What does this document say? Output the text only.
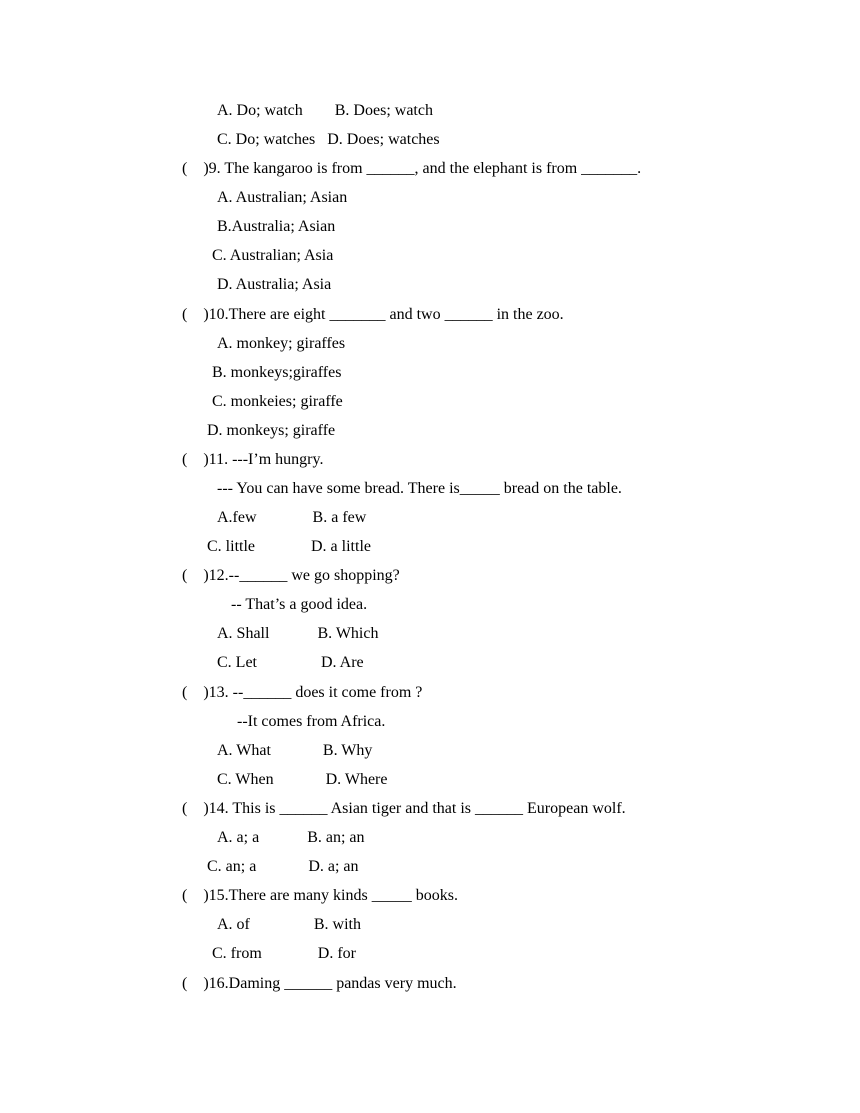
A. Do; watch        B. Does; watch
C. Do; watches   D. Does; watches
(    )9. The kangaroo is from ______, and the elephant is from _______.
A. Australian; Asian
B.Australia; Asian
C. Australian; Asia
D. Australia; Asia
(    )10.There are eight _______ and two ______ in the zoo.
A. monkey; giraffes
B. monkeys;giraffes
C. monkeies; giraffe
D. monkeys; giraffe
(    )11. ---I’m hungry.
--- You can have some bread. There is_____ bread on the table.
A.few              B. a few
C. little              D. a little
(    )12.--______ we go shopping?
-- That’s a good idea.
A. Shall            B. Which
C. Let                D. Are
(    )13. --______ does it come from ?
--It comes from Africa.
A. What             B. Why
C. When             D. Where
(    )14. This is ______ Asian tiger and that is ______ European wolf.
A. a; a            B. an; an
C. an; a             D. a; an
(    )15.There are many kinds _____ books.
A. of                B. with
C. from              D. for
(    )16.Daming ______ pandas very much.
